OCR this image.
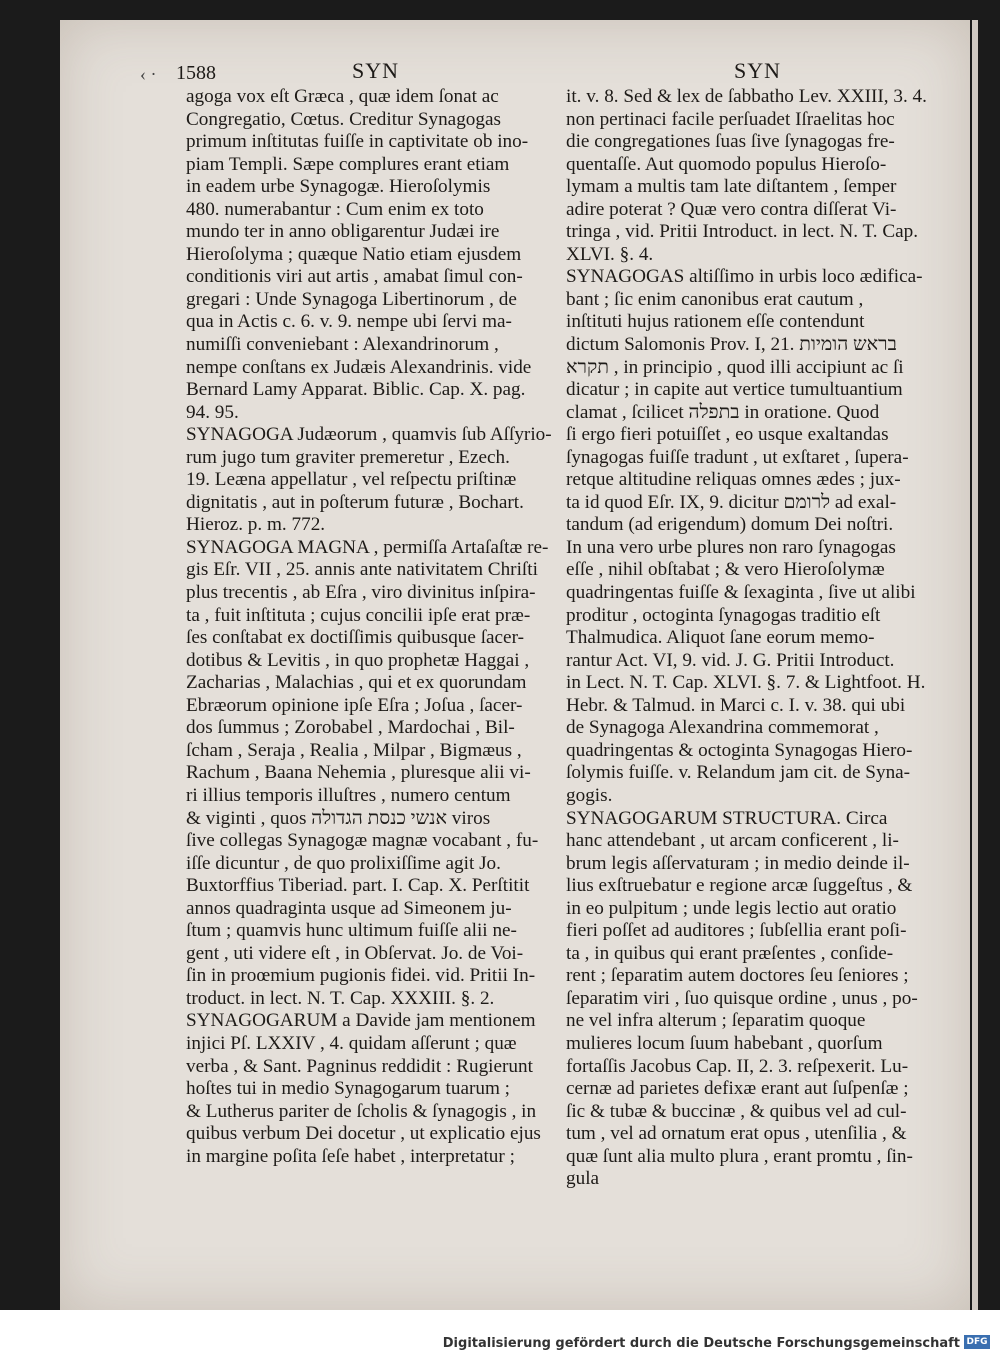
1588	SYN	SYN
‹ ·
agoga vox eſt Græca , quæ idem ſonat ac
Congregatio, Cœtus. Creditur Synagogas
primum inſtitutas fuiſſe in captivitate ob ino-
piam Templi. Sæpe complures erant etiam
in eadem urbe Synagogæ. Hieroſolymis
480. numerabantur : Cum enim ex toto
mundo ter in anno obligarentur Judæi ire
Hieroſolyma ; quæque Natio etiam ejusdem
conditionis viri aut artis , amabat ſimul con-
gregari : Unde Synagoga Libertinorum , de
qua in Actis c. 6. v. 9. nempe ubi ſervi ma-
numiſſi conveniebant : Alexandrinorum ,
nempe conſtans ex Judæis Alexandrinis. vide
Bernard Lamy Apparat. Biblic. Cap. X. pag.
94. 95.
SYNAGOGA Judæorum , quamvis ſub Aſſyrio-
rum jugo tum graviter premeretur , Ezech.
19. Leæna appellatur , vel reſpectu priſtinæ
dignitatis , aut in poſterum futuræ , Bochart.
Hieroz. p. m. 772.
SYNAGOGA MAGNA , permiſſa Artaſaſtæ re-
gis Eſr. VII , 25. annis ante nativitatem Chriſti
plus trecentis , ab Eſra , viro divinitus inſpira-
ta , fuit inſtituta ; cujus concilii ipſe erat præ-
ſes conſtabat ex doctiſſimis quibusque ſacer-
dotibus & Levitis , in quo prophetæ Haggai ,
Zacharias , Malachias , qui et ex quorundam
Ebræorum opinione ipſe Eſra ; Joſua , ſacer-
dos ſummus ; Zorobabel , Mardochai , Bil-
ſcham , Seraja , Realia , Milpar , Bigmæus ,
Rachum , Baana Nehemia , pluresque alii vi-
ri illius temporis illuſtres , numero centum
& viginti , quos אנשי כנסת הגדולה viros
ſive collegas Synagogæ magnæ vocabant , fu-
iſſe dicuntur , de quo prolixiſſime agit Jo.
Buxtorffius Tiberiad. part. I. Cap. X. Perſtitit
annos quadraginta usque ad Simeonem ju-
ſtum ; quamvis hunc ultimum fuiſſe alii ne-
gent , uti videre eſt , in Obſervat. Jo. de Voi-
ſin in proœmium pugionis fidei. vid. Pritii In-
troduct. in lect. N. T. Cap. XXXIII. §. 2.
SYNAGOGARUM a Davide jam mentionem
injici Pſ. LXXIV , 4. quidam aſſerunt ; quæ
verba , & Sant. Pagninus reddidit : Rugierunt
hoſtes tui in medio Synagogarum tuarum ;
& Lutherus pariter de ſcholis & ſynagogis , in
quibus verbum Dei docetur , ut explicatio ejus
in margine poſita ſeſe habet , interpretatur ;
it. v. 8. Sed & lex de ſabbatho Lev. XXIII, 3. 4.
non pertinaci facile perſuadet Iſraelitas hoc
die congregationes ſuas ſive ſynagogas fre-
quentaſſe. Aut quomodo populus Hieroſo-
lymam a multis tam late diſtantem , ſemper
adire poterat ? Quæ vero contra diſſerat Vi-
tringa , vid. Pritii Introduct. in lect. N. T. Cap.
XLVI. §. 4.
SYNAGOGAS altiſſimo in urbis loco ædifica-
bant ; ſic enim canonibus erat cautum ,
inſtituti hujus rationem eſſe contendunt
dictum Salomonis Prov. I, 21. בראש הומיות
תקרא , in principio , quod illi accipiunt ac ſi
dicatur ; in capite aut vertice tumultuantium
clamat , ſcilicet בתפלה in oratione. Quod
ſi ergo fieri potuiſſet , eo usque exaltandas
ſynagogas fuiſſe tradunt , ut exſtaret , ſupera-
retque altitudine reliquas omnes ædes ; jux-
ta id quod Eſr. IX, 9. dicitur לרומם ad exal-
tandum (ad erigendum) domum Dei noſtri.
In una vero urbe plures non raro ſynagogas
eſſe , nihil obſtabat ; & vero Hieroſolymæ
quadringentas fuiſſe & ſexaginta , ſive ut alibi
proditur , octoginta ſynagogas traditio eſt
Thalmudica. Aliquot ſane eorum memo-
rantur Act. VI, 9. vid. J. G. Pritii Introduct.
in Lect. N. T. Cap. XLVI. §. 7. & Lightfoot. H.
Hebr. & Talmud. in Marci c. I. v. 38. qui ubi
de Synagoga Alexandrina commemorat ,
quadringentas & octoginta Synagogas Hiero-
ſolymis fuiſſe. v. Relandum jam cit. de Syna-
gogis.
SYNAGOGARUM STRUCTURA. Circa
hanc attendebant , ut arcam conficerent , li-
brum legis aſſervaturam ; in medio deinde il-
lius exſtruebatur e regione arcæ ſuggeſtus , &
in eo pulpitum ; unde legis lectio aut oratio
fieri poſſet ad auditores ; ſubſellia erant poſi-
ta , in quibus qui erant præſentes , conſide-
rent ; ſeparatim autem doctores ſeu ſeniores ;
ſeparatim viri , ſuo quisque ordine , unus , po-
ne vel infra alterum ; ſeparatim quoque
mulieres locum ſuum habebant , quorſum
fortaſſis Jacobus Cap. II, 2. 3. reſpexerit. Lu-
cernæ ad parietes defixæ erant aut ſuſpenſæ ;
ſic & tubæ & buccinæ , & quibus vel ad cul-
tum , vel ad ornatum erat opus , utenſilia , &
quæ ſunt alia multo plura , erant promtu , ſin-
gula
Digitalisierung gefördert durch die Deutsche Forschungsgemeinschaft DFG
